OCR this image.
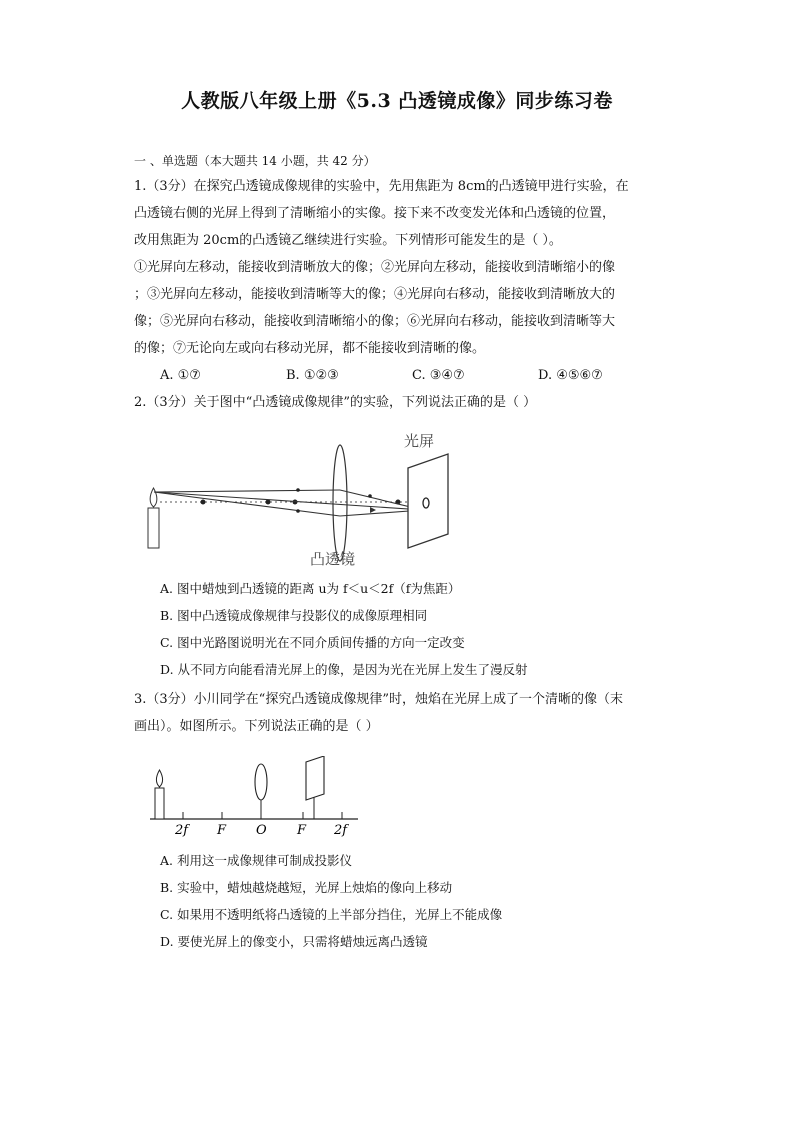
人教版八年级上册《5.3 凸透镜成像》同步练习卷
一 、单选题（本大题共 14 小题，共 42 分）
1.（3分）在探究凸透镜成像规律的实验中，先用焦距为 8cm的凸透镜甲进行实验，在
凸透镜右侧的光屏上得到了清晰缩小的实像。接下来不改变发光体和凸透镜的位置，
改用焦距为 20cm的凸透镜乙继续进行实验。下列情形可能发生的是（ ）。
①光屏向左移动，能接收到清晰放大的像；②光屏向左移动，能接收到清晰缩小的像
；③光屏向左移动，能接收到清晰等大的像；④光屏向右移动，能接收到清晰放大的
像；⑤光屏向右移动，能接收到清晰缩小的像；⑥光屏向右移动，能接收到清晰等大
的像；⑦无论向左或向右移动光屏，都不能接收到清晰的像。
A. ①⑦	B. ①②③	C. ③④⑦	D. ④⑤⑥⑦
2.（3分）关于图中“凸透镜成像规律”的实验，下列说法正确的是（ ）
光屏
凸透镜
A. 图中蜡烛到凸透镜的距离 u为 f＜u＜2f（f为焦距）
B. 图中凸透镜成像规律与投影仪的成像原理相同
C. 图中光路图说明光在不同介质间传播的方向一定改变
D. 从不同方向能看清光屏上的像，是因为光在光屏上发生了漫反射
3.（3分）小川同学在“探究凸透镜成像规律”时，烛焰在光屏上成了一个清晰的像（末
画出）。如图所示。下列说法正确的是（ ）
2f F O F 2f
A. 利用这一成像规律可制成投影仪
B. 实验中，蜡烛越烧越短，光屏上烛焰的像向上移动
C. 如果用不透明纸将凸透镜的上半部分挡住，光屏上不能成像
D. 要使光屏上的像变小，只需将蜡烛远离凸透镜
